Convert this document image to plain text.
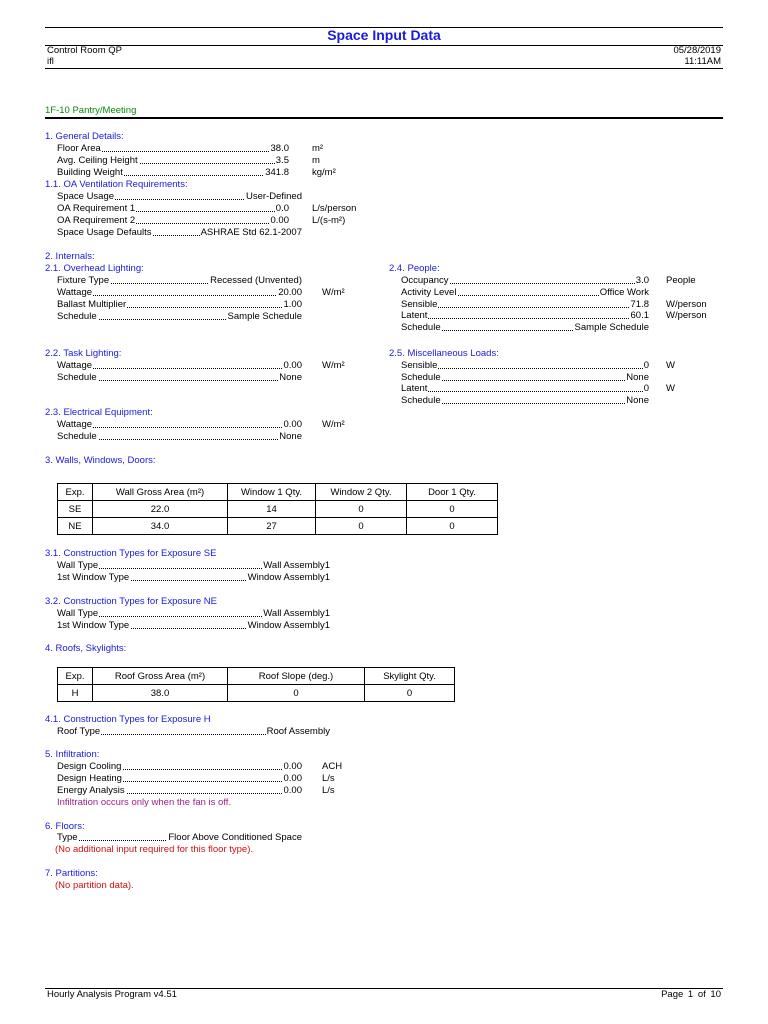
Space Input Data
Control Room QP
ifl
05/28/2019
11:11AM
1F-10 Pantry/Meeting
1. General Details:
Floor Area	38.0 m²
Avg. Ceiling Height	3.5 m
Building Weight	341.8 kg/m²
1.1. OA Ventilation Requirements:
Space Usage	User-Defined
OA Requirement 1	0.0 L/s/person
OA Requirement 2	0.00 L/(s-m²)
Space Usage Defaults	ASHRAE Std 62.1-2007
2. Internals:
2.1. Overhead Lighting:
Fixture Type	Recessed (Unvented)
Wattage	20.00 W/m²
Ballast Multiplier	1.00
Schedule	Sample Schedule
2.2. Task Lighting:
Wattage	0.00 W/m²
Schedule	None
2.3. Electrical Equipment:
Wattage	0.00 W/m²
Schedule	None
2.4. People:
Occupancy	3.0 People
Activity Level	Office Work
Sensible	71.8 W/person
Latent	60.1 W/person
Schedule	Sample Schedule
2.5. Miscellaneous Loads:
Sensible	0 W
Schedule	None
Latent	0 W
Schedule	None
3. Walls, Windows, Doors:
Exp.	Wall Gross Area (m²)	Window 1 Qty.	Window 2 Qty.	Door 1 Qty.
SE	22.0	14	0	0
NE	34.0	27	0	0
3.1. Construction Types for Exposure SE
Wall Type	Wall Assembly1
1st Window Type	Window Assembly1
3.2. Construction Types for Exposure NE
Wall Type	Wall Assembly1
1st Window Type	Window Assembly1
4. Roofs, Skylights:
Exp.	Roof Gross Area (m²)	Roof Slope (deg.)	Skylight Qty.
H	38.0	0	0
4.1. Construction Types for Exposure H
Roof Type	Roof Assembly
5. Infiltration:
Design Cooling	0.00 ACH
Design Heating	0.00 L/s
Energy Analysis	0.00 L/s
Infiltration occurs only when the fan is off.
6. Floors:
Type	Floor Above Conditioned Space
(No additional input required for this floor type).
7. Partitions:
(No partition data).
Hourly Analysis Program v4.51	Page 1 of 10
